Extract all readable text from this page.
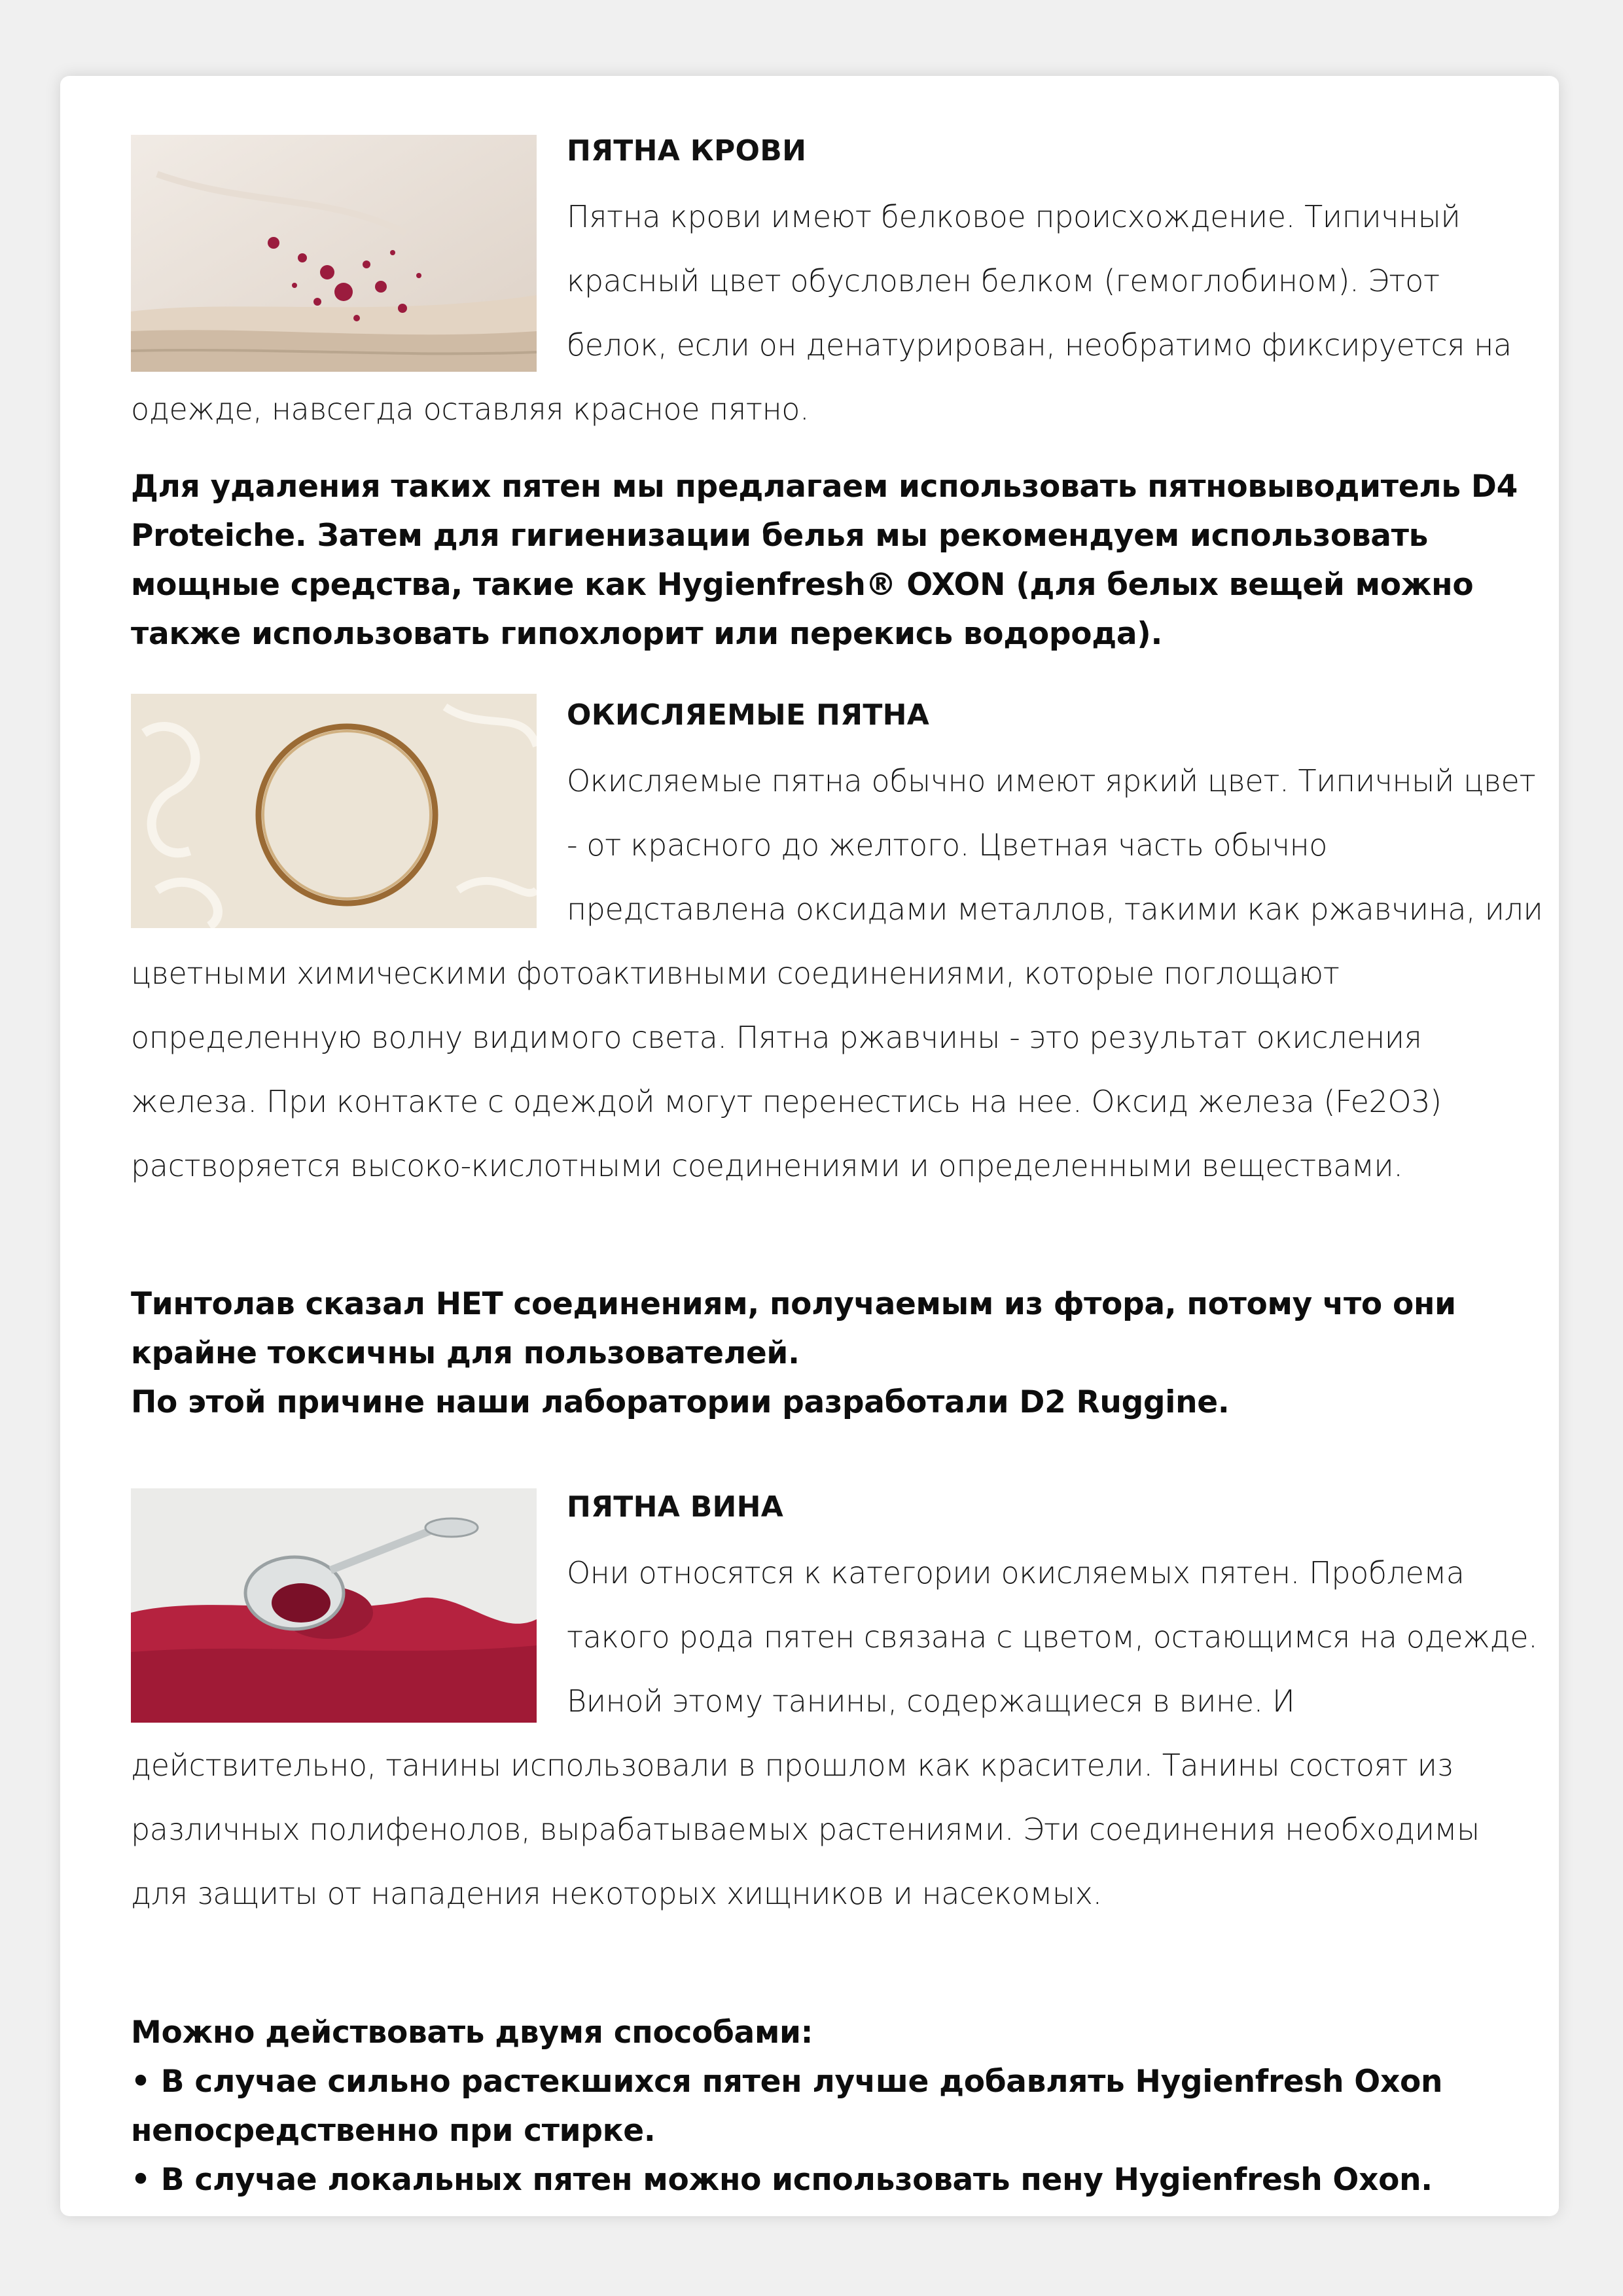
ПЯТНА КРОВИ

Пятна крови имеют белковое происхождение. Типичный красный цвет обусловлен белком (гемоглобином). Этот белок, если он денатурирован, необратимо фиксируется на одежде, навсегда оставляя красное пятно.

Для удаления таких пятен мы предлагаем использовать пятновыводитель D4 Proteiche. Затем для гигиенизации белья мы рекомендуем использовать мощные средства, такие как Hygienfresh® OXON (для белых вещей можно также использовать гипохлорит или перекись водорода).

ОКИСЛЯЕМЫЕ ПЯТНА

Окисляемые пятна обычно имеют яркий цвет. Типичный цвет - от красного до желтого. Цветная часть обычно представлена оксидами металлов, такими как ржавчина, или цветными химическими фотоактивными соединениями, которые поглощают определенную волну видимого света. Пятна ржавчины - это результат окисления железа. При контакте с одеждой могут перенестись на нее. Оксид железа (Fe2O3) растворяется высоко-кислотными соединениями и определенными веществами.

Тинтолав сказал НЕТ соединениям, получаемым из фтора, потому что они крайне токсичны для пользователей.
По этой причине наши лаборатории разработали D2 Ruggine.
ПЯТНА ВИНА

Они относятся к категории окисляемых пятен. Проблема такого рода пятен связана с цветом, остающимся на одежде. Виной этому танины, содержащиеся в вине. И действительно, танины использовали в прошлом как красители. Танины состоят из различных полифенолов, вырабатываемых растениями. Эти соединения необходимы для защиты от нападения некоторых хищников и насекомых.

Можно действовать двумя способами:
• В случае сильно растекшихся пятен лучше добавлять Hygienfresh Oxon непосредственно при стирке.
• В случае локальных пятен можно использовать пену Hygienfresh Oxon.
